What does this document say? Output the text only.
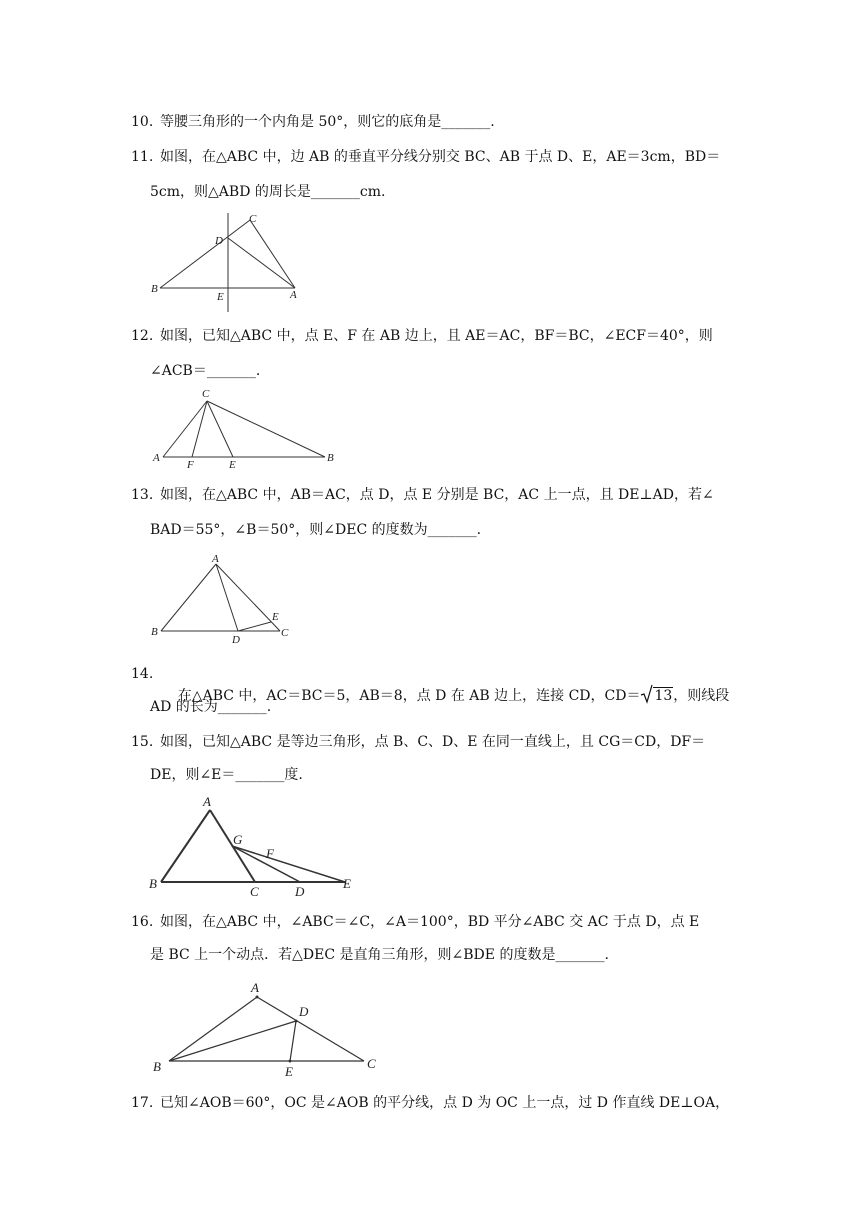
10. 等腰三角形的一个内角是 50°，则它的底角是_______.
11. 如图，在△ABC 中，边 AB 的垂直平分线分别交 BC、AB 于点 D、E，AE＝3cm，BD＝
5cm，则△ABD 的周长是_______cm.
C
D
B
E	A
12. 如图，已知△ABC 中，点 E、F 在 AB 边上，且 AE＝AC，BF＝BC，∠ECF＝40°，则
∠ACB＝_______.
C
A
F	E
B
13. 如图，在△ABC 中，AB＝AC，点 D，点 E 分别是 BC，AC 上一点，且 DE⊥AD，若∠
BAD＝55°，∠B＝50°，则∠DEC 的度数为_______.
A
B
D
E
C
14.

在△ABC 中，AC＝BC＝5，AB＝8，点 D 在 AB 边上，连接 CD，CD＝ 13，则线段

AD 的长为_______.
15. 如图，已知△ABC 是等边三角形，点 B、C、D、E 在同一直线上，且 CG＝CD，DF＝
DE，则∠E＝_______度.
A
G
F
B
C	D
E
16. 如图，在△ABC 中，∠ABC＝∠C，∠A＝100°，BD 平分∠ABC 交 AC 于点 D，点 E
是 BC 上一个动点．若△DEC 是直角三角形，则∠BDE 的度数是_______.
A
D
B	E
C
17. 已知∠AOB＝60°，OC 是∠AOB 的平分线，点 D 为 OC 上一点，过 D 作直线 DE⊥OA，
